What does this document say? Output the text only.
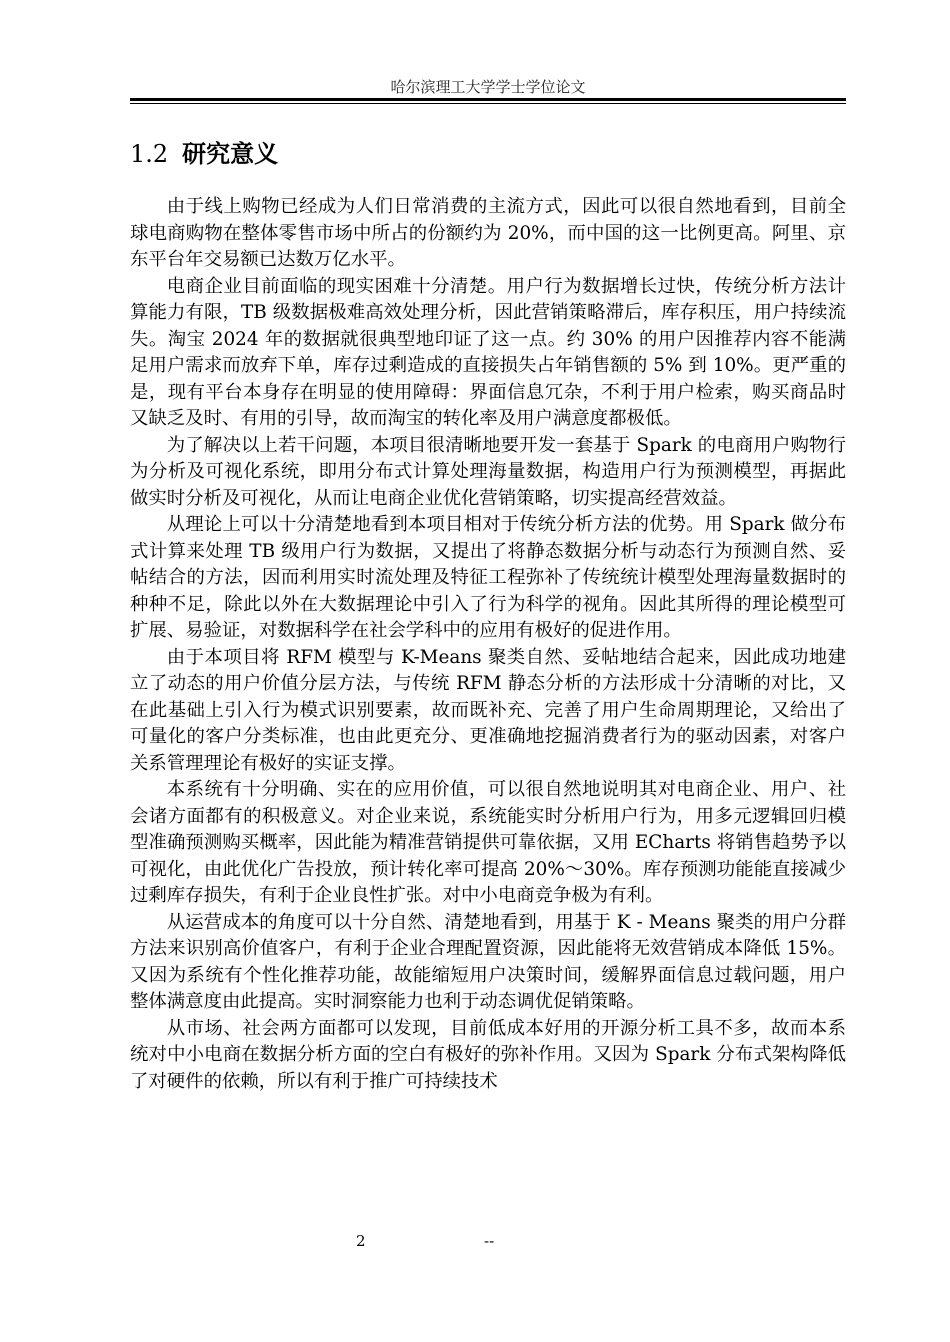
哈尔滨理工大学学士学位论文
1.2 研究意义

由于线上购物已经成为人们日常消费的主流方式，因此可以很自然地看到，目前全球电商购物在整体零售市场中所占的份额约为 20%，而中国的这一比例更高。阿里、京东平台年交易额已达数万亿水平。

电商企业目前面临的现实困难十分清楚。用户行为数据增长过快，传统分析方法计算能力有限，TB 级数据极难高效处理分析，因此营销策略滞后，库存积压，用户持续流失。淘宝 2024 年的数据就很典型地印证了这一点。约 30% 的用户因推荐内容不能满足用户需求而放弃下单，库存过剩造成的直接损失占年销售额的 5% 到 10%。更严重的是，现有平台本身存在明显的使用障碍：界面信息冗杂，不利于用户检索，购买商品时又缺乏及时、有用的引导，故而淘宝的转化率及用户满意度都极低。

为了解决以上若干问题，本项目很清晰地要开发一套基于 Spark 的电商用户购物行为分析及可视化系统，即用分布式计算处理海量数据，构造用户行为预测模型，再据此做实时分析及可视化，从而让电商企业优化营销策略，切实提高经营效益。

从理论上可以十分清楚地看到本项目相对于传统分析方法的优势。用 Spark 做分布式计算来处理 TB 级用户行为数据，又提出了将静态数据分析与动态行为预测自然、妥帖结合的方法，因而利用实时流处理及特征工程弥补了传统统计模型处理海量数据时的种种不足，除此以外在大数据理论中引入了行为科学的视角。因此其所得的理论模型可扩展、易验证，对数据科学在社会学科中的应用有极好的促进作用。

由于本项目将 RFM 模型与 K-Means 聚类自然、妥帖地结合起来，因此成功地建立了动态的用户价值分层方法，与传统 RFM 静态分析的方法形成十分清晰的对比，又在此基础上引入行为模式识别要素，故而既补充、完善了用户生命周期理论，又给出了可量化的客户分类标准，也由此更充分、更准确地挖掘消费者行为的驱动因素，对客户关系管理理论有极好的实证支撑。

本系统有十分明确、实在的应用价值，可以很自然地说明其对电商企业、用户、社会诸方面都有的积极意义。对企业来说，系统能实时分析用户行为，用多元逻辑回归模型准确预测购买概率，因此能为精准营销提供可靠依据，又用 ECharts 将销售趋势予以可视化，由此优化广告投放，预计转化率可提高 20%～30%。库存预测功能能直接减少过剩库存损失，有利于企业良性扩张。对中小电商竞争极为有利。

从运营成本的角度可以十分自然、清楚地看到，用基于 K - Means 聚类的用户分群方法来识别高价值客户，有利于企业合理配置资源，因此能将无效营销成本降低 15%。又因为系统有个性化推荐功能，故能缩短用户决策时间，缓解界面信息过载问题，用户整体满意度由此提高。实时洞察能力也利于动态调优促销策略。

从市场、社会两方面都可以发现，目前低成本好用的开源分析工具不多，故而本系统对中小电商在数据分析方面的空白有极好的弥补作用。又因为 Spark 分布式架构降低了对硬件的依赖，所以有利于推广可持续技术

2	--
